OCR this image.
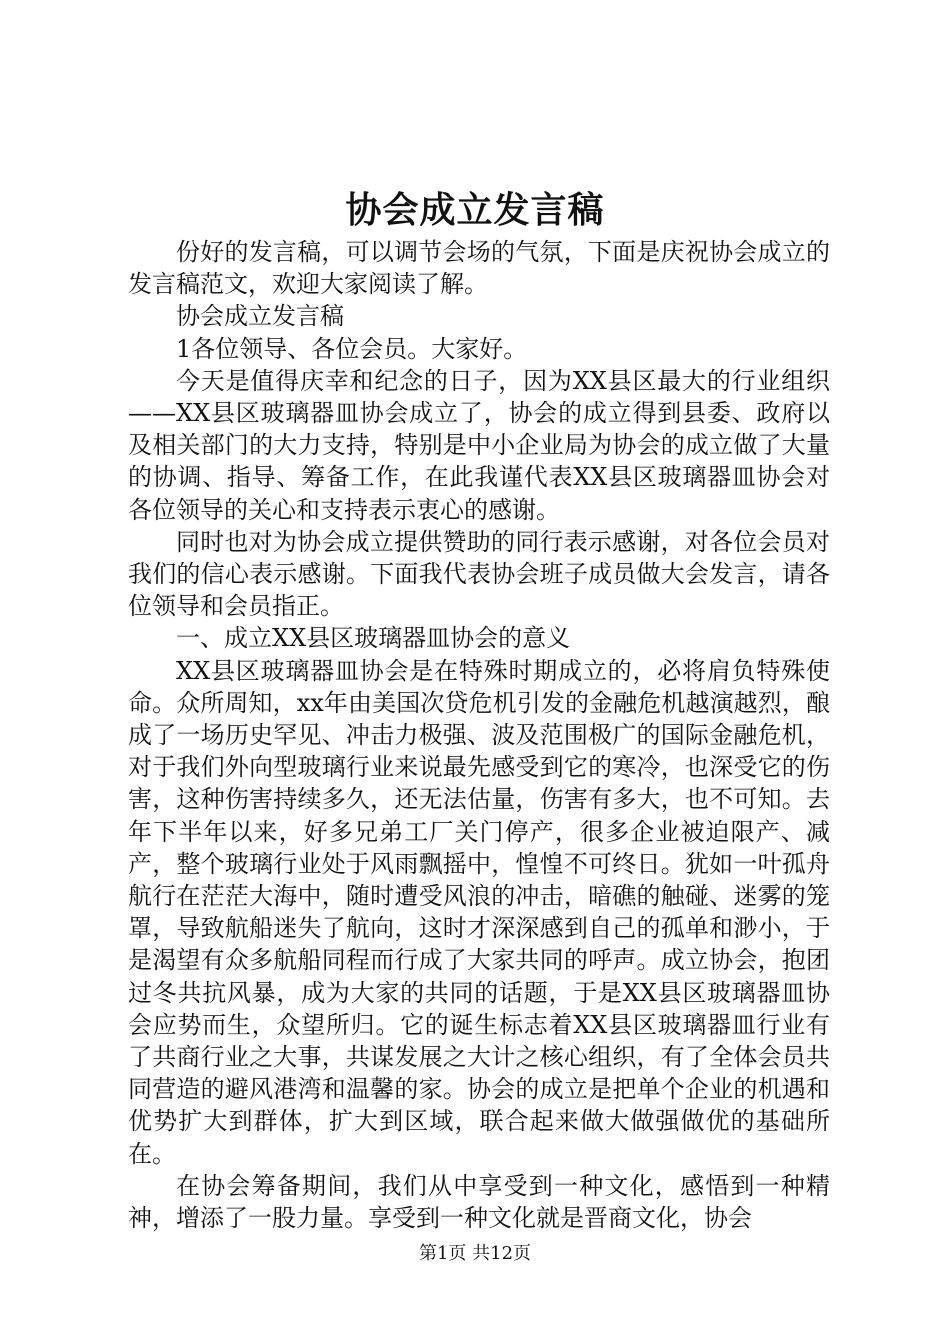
协会成立发言稿

份好的发言稿，可以调节会场的气氛，下面是庆祝协会成立的发言稿范文，欢迎大家阅读了解。

协会成立发言稿

1各位领导、各位会员。大家好。

今天是值得庆幸和纪念的日子，因为XX县区最大的行业组织——XX县区玻璃器皿协会成立了，协会的成立得到县委、政府以及相关部门的大力支持，特别是中小企业局为协会的成立做了大量的协调、指导、筹备工作，在此我谨代表XX县区玻璃器皿协会对各位领导的关心和支持表示衷心的感谢。

同时也对为协会成立提供赞助的同行表示感谢，对各位会员对我们的信心表示感谢。下面我代表协会班子成员做大会发言，请各位领导和会员指正。

一、成立XX县区玻璃器皿协会的意义

XX县区玻璃器皿协会是在特殊时期成立的，必将肩负特殊使命。众所周知，xx年由美国次贷危机引发的金融危机越演越烈，酿成了一场历史罕见、冲击力极强、波及范围极广的国际金融危机，对于我们外向型玻璃行业来说最先感受到它的寒冷，也深受它的伤害，这种伤害持续多久，还无法估量，伤害有多大，也不可知。去年下半年以来，好多兄弟工厂关门停产，很多企业被迫限产、减产，整个玻璃行业处于风雨飘摇中，惶惶不可终日。犹如一叶孤舟航行在茫茫大海中，随时遭受风浪的冲击，暗礁的触碰、迷雾的笼罩，导致航船迷失了航向，这时才深深感到自己的孤单和渺小，于是渴望有众多航船同程而行成了大家共同的呼声。成立协会，抱团过冬共抗风暴，成为大家的共同的话题，于是XX县区玻璃器皿协会应势而生，众望所归。它的诞生标志着XX县区玻璃器皿行业有了共商行业之大事，共谋发展之大计之核心组织，有了全体会员共同营造的避风港湾和温馨的家。协会的成立是把单个企业的机遇和优势扩大到群体，扩大到区域，联合起来做大做强做优的基础所在。

在协会筹备期间，我们从中享受到一种文化，感悟到一种精神，增添了一股力量。享受到一种文化就是晋商文化，协会

第1页 共12页
